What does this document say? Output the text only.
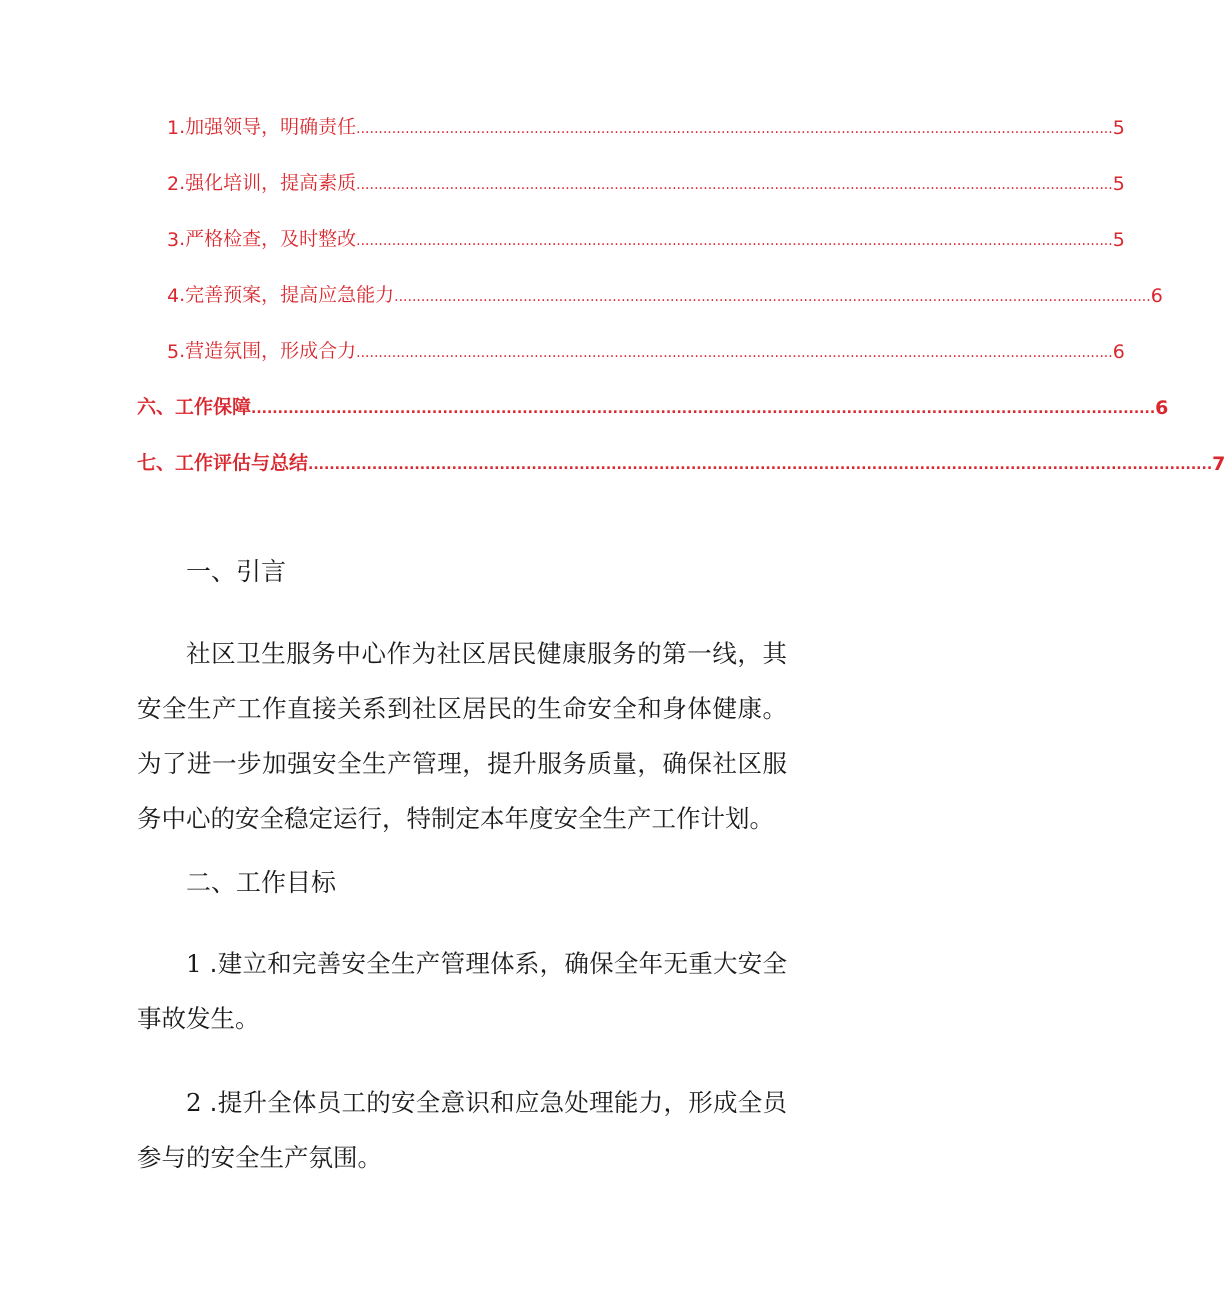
1 .加强领导，明确责任 .......................................................................................................................................................................... 5
2 .强化培训，提高素质 .......................................................................................................................................................................... 5
3 .严格检查，及时整改 .......................................................................................................................................................................... 5
4 .完善预案，提高应急能力 .......................................................................................................................................................................... 6
5 .营造氛围，形成合力 .......................................................................................................................................................................... 6
六、工作保障 .......................................................................................................................................................................... 6
七、工作评估与总结 .......................................................................................................................................................................... 7
一、引言
社区卫生服务中心作为社区居民健康服务的第一线，其安全生产工作直接关系到社区居民的生命安全和身体健康。为了进一步加强安全生产管理，提升服务质量，确保社区服务中心的安全稳定运行，特制定本年度安全生产工作计划。
二、工作目标
1 .建立和完善安全生产管理体系，确保全年无重大安全事故发生。
2 .提升全体员工的安全意识和应急处理能力，形成全员参与的安全生产氛围。
